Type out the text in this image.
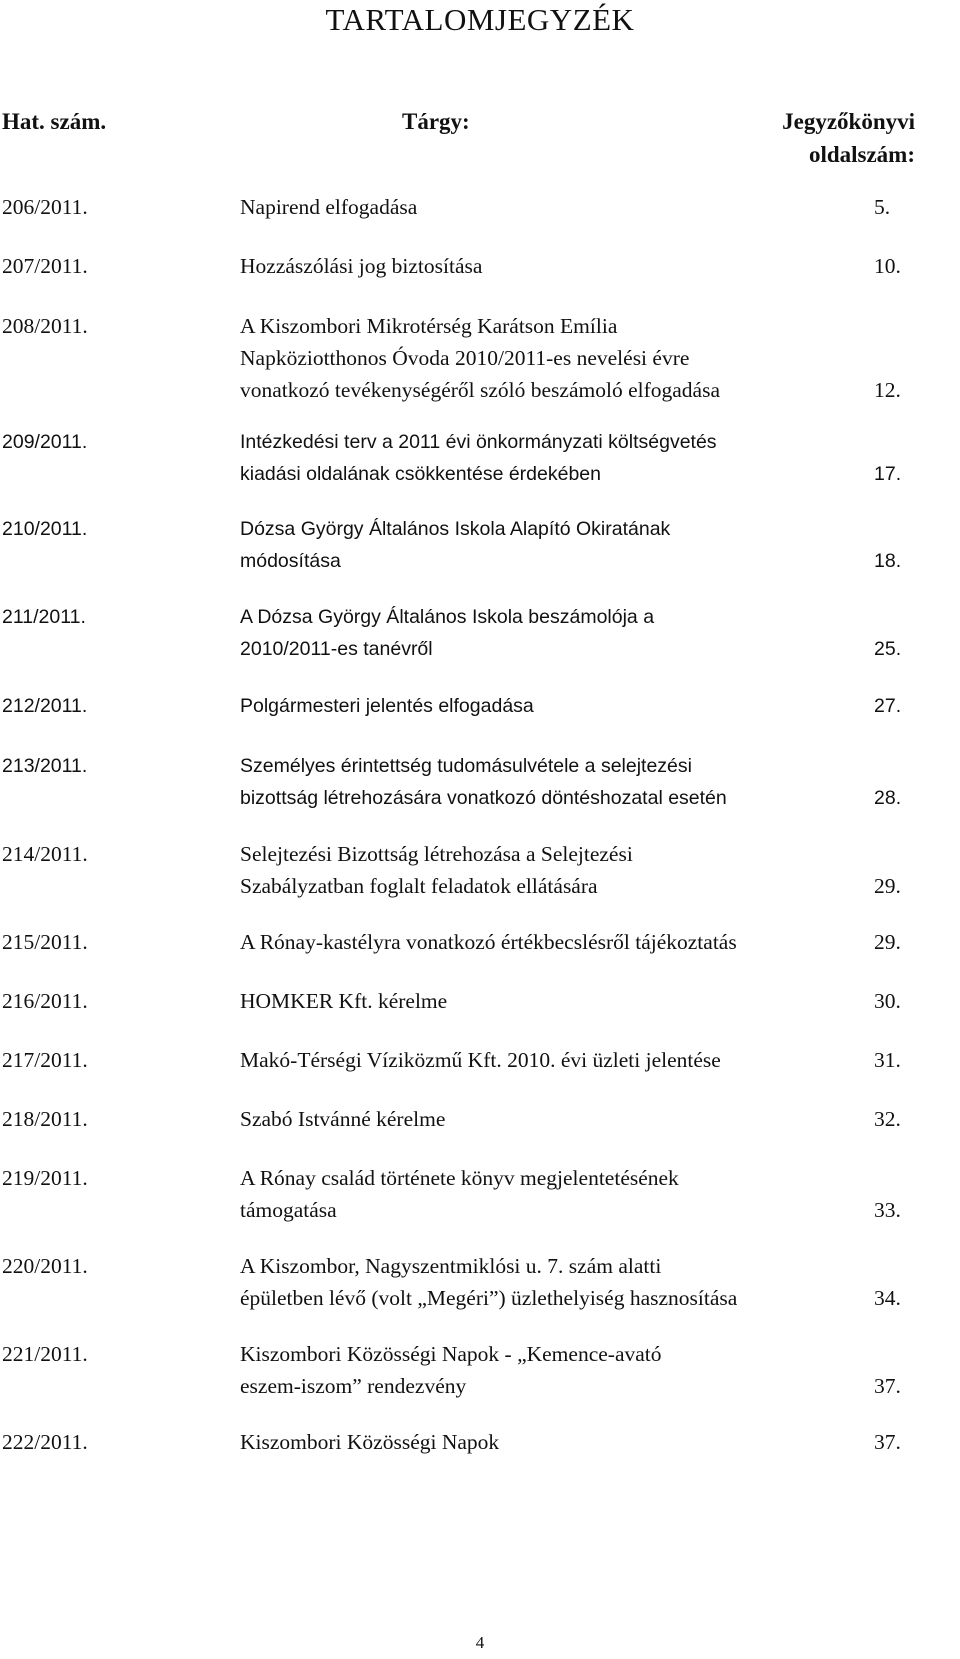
TARTALOMJEGYZÉK
Hat. szám.	Tárgy:	Jegyzőkönyvi
oldalszám:
206/2011.	Napirend elfogadása	5.
207/2011.	Hozzászólási jog biztosítása	10.
208/2011.	A Kiszombori Mikrotérség Karátson Emília
Napköziotthonos Óvoda 2010/2011-es nevelési évre
vonatkozó tevékenységéről szóló beszámoló elfogadása	12.
209/2011.	Intézkedési terv a 2011 évi önkormányzati költségvetés
kiadási oldalának csökkentése érdekében	17.
210/2011.	Dózsa György Általános Iskola Alapító Okiratának
módosítása	18.
211/2011.	A Dózsa György Általános Iskola beszámolója a
2010/2011-es tanévről	25.
212/2011.	Polgármesteri jelentés elfogadása	27.
213/2011.	Személyes érintettség tudomásulvétele a selejtezési
bizottság létrehozására vonatkozó döntéshozatal esetén	28.
214/2011.	Selejtezési Bizottság létrehozása a Selejtezési
Szabályzatban foglalt feladatok ellátására	29.
215/2011.	A Rónay-kastélyra vonatkozó értékbecslésről tájékoztatás	29.
216/2011.	HOMKER Kft. kérelme	30.
217/2011.	Makó-Térségi Víziközmű Kft. 2010. évi üzleti jelentése	31.
218/2011.	Szabó Istvánné kérelme	32.
219/2011.	A Rónay család története könyv megjelentetésének
támogatása	33.
220/2011.	A Kiszombor, Nagyszentmiklósi u. 7. szám alatti
épületben lévő (volt „Megéri”) üzlethelyiség hasznosítása	34.
221/2011.	Kiszombori Közösségi Napok - „Kemence-avató
eszem-iszom” rendezvény	37.
222/2011.	Kiszombori Közösségi Napok	37.
4
